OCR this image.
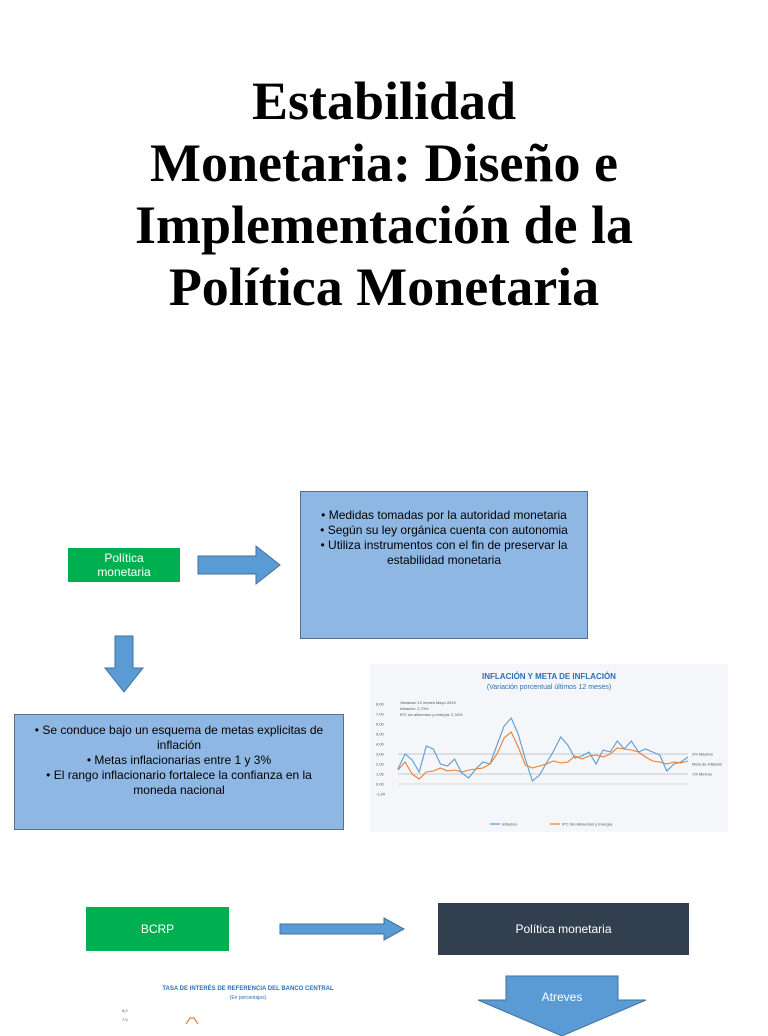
Estabilidad
Monetaria: Diseño e
Implementación de la
Política Monetaria
Política
monetaria
• Medidas tomadas por la autoridad monetaria
• Según su ley orgánica cuenta con autonomia
• Utiliza instrumentos con el fin de preservar la estabilidad monetaria
• Se conduce bajo un esquema de metas explicitas de inflación
• Metas inflacionarias entre 1 y 3%
• El rango inflacionario fortalece la confianza en la moneda nacional
INFLACIÓN Y META DE INFLACIÓN
(Variación porcentual últimos 12 meses)
8,00
7,00
6,00
5,00
4,00
3,00
2,00
1,00
0,00
-1,00
3% Máximo
Meta de inflación
1% Mínimo
Variación 12 meses Mayo 2019
Inflación: 2,73%
IPC sin alimentos y energía: 2,34%
Inflación	IPC Sin Alimentos y Energía
BCRP	Política monetaria
TASA DE INTERÉS DE REFERENCIA DEL BANCO CENTRAL
(En porcentajes)
8,0
7,0
Atreves
